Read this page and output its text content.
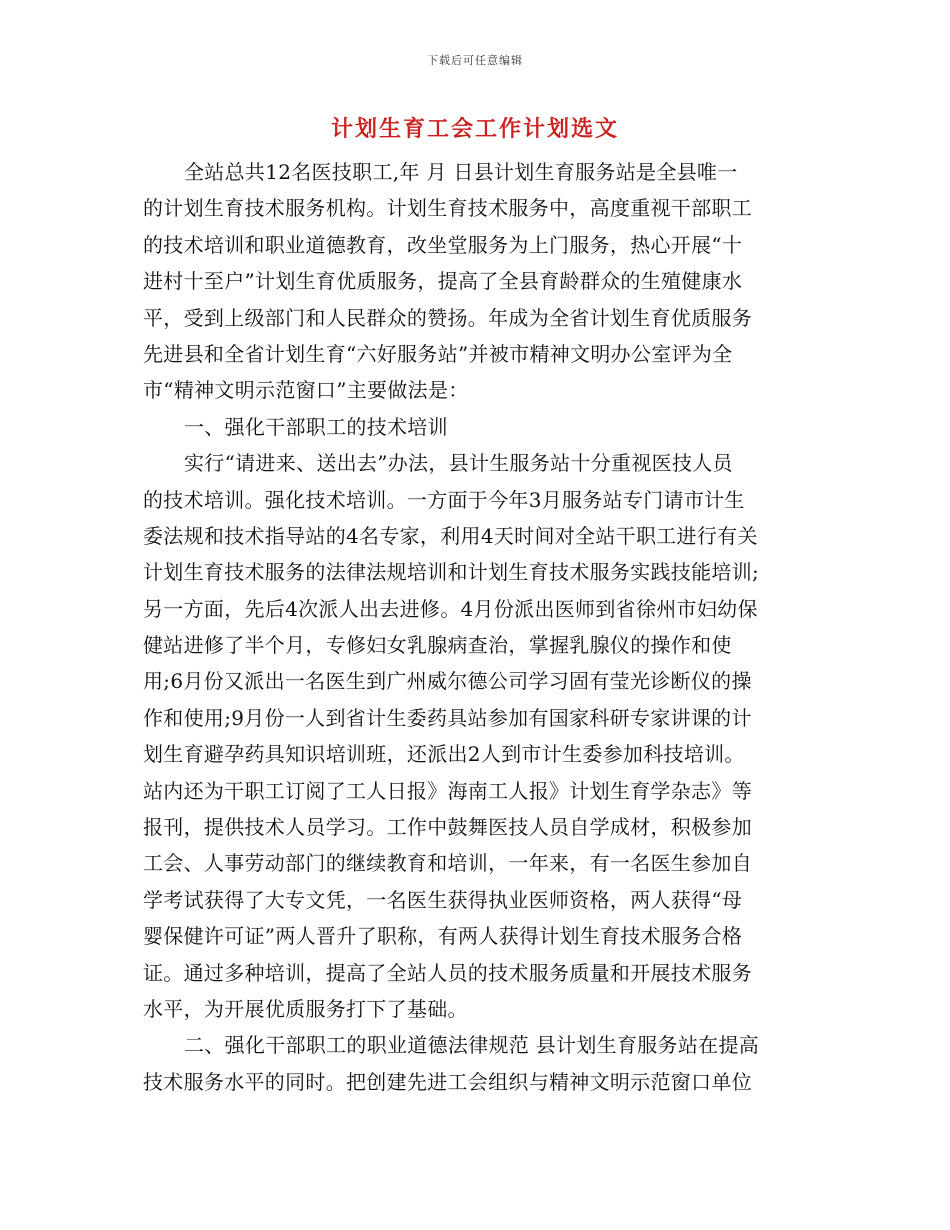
下载后可任意编辑
计划生育工会工作计划选文
全站总共12名医技职工,年 月 日县计划生育服务站是全县唯一
的计划生育技术服务机构。计划生育技术服务中，高度重视干部职工
的技术培训和职业道德教育，改坐堂服务为上门服务，热心开展“十
进村十至户”计划生育优质服务，提高了全县育龄群众的生殖健康水
平，受到上级部门和人民群众的赞扬。年成为全省计划生育优质服务
先进县和全省计划生育“六好服务站”并被市精神文明办公室评为全
市“精神文明示范窗口”主要做法是：
一、强化干部职工的技术培训
实行“请进来、送出去”办法，县计生服务站十分重视医技人员
的技术培训。强化技术培训。一方面于今年3月服务站专门请市计生
委法规和技术指导站的4名专家，利用4天时间对全站干职工进行有关
计划生育技术服务的法律法规培训和计划生育技术服务实践技能培训;
另一方面，先后4次派人出去进修。4月份派出医师到省徐州市妇幼保
健站进修了半个月，专修妇女乳腺病查治，掌握乳腺仪的操作和使
用;6月份又派出一名医生到广州威尔德公司学习固有莹光诊断仪的操
作和使用;9月份一人到省计生委药具站参加有国家科研专家讲课的计
划生育避孕药具知识培训班，还派出2人到市计生委参加科技培训。
站内还为干职工订阅了工人日报》海南工人报》计划生育学杂志》等
报刊，提供技术人员学习。工作中鼓舞医技人员自学成材，积极参加
工会、人事劳动部门的继续教育和培训，一年来，有一名医生参加自
学考试获得了大专文凭，一名医生获得执业医师资格，两人获得“母
婴保健许可证”两人晋升了职称，有两人获得计划生育技术服务合格
证。通过多种培训，提高了全站人员的技术服务质量和开展技术服务
水平，为开展优质服务打下了基础。
二、强化干部职工的职业道德法律规范 县计划生育服务站在提高
技术服务水平的同时。把创建先进工会组织与精神文明示范窗口单位
